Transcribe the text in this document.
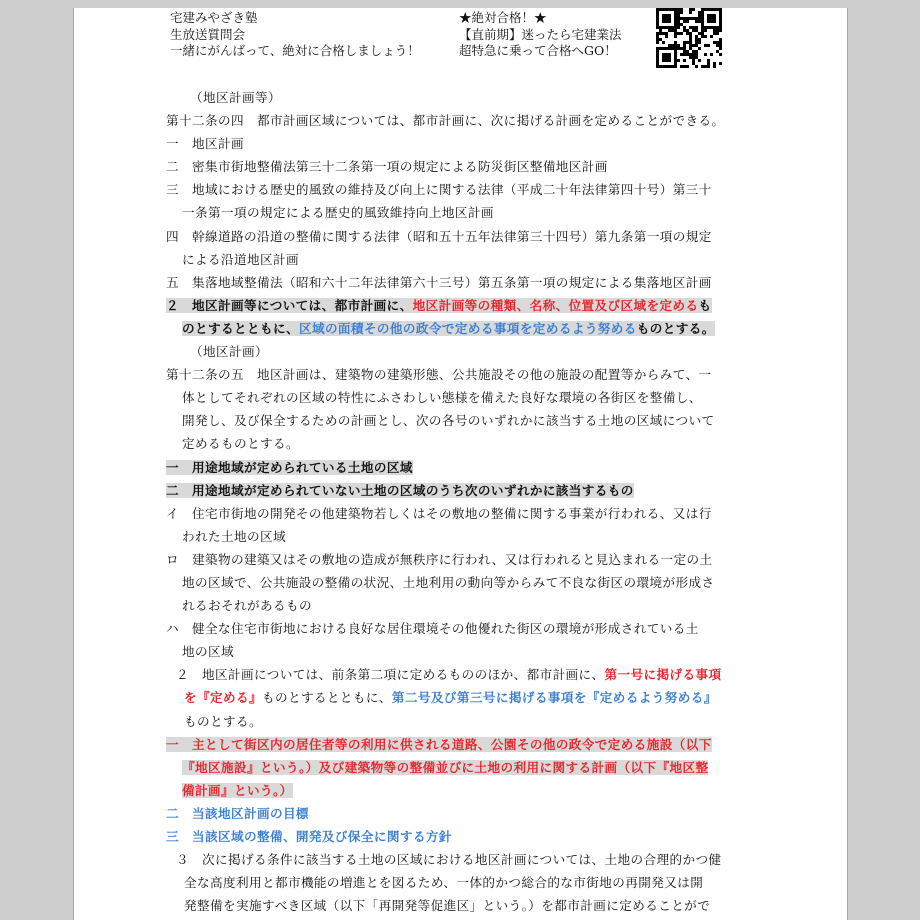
宅建みやざき塾
生放送質問会
一緒にがんばって、絶対に合格しましょう！
★絶対合格！★
【直前期】迷ったら宅建業法
超特急に乗って合格へGO！
（地区計画等）
第十二条の四　都市計画区域については、都市計画に、次に掲げる計画を定めることができる。
一　地区計画
二　密集市街地整備法第三十二条第一項の規定による防災街区整備地区計画
三　地域における歴史的風致の維持及び向上に関する法律（平成二十年法律第四十号）第三十
一条第一項の規定による歴史的風致維持向上地区計画
四　幹線道路の沿道の整備に関する法律（昭和五十五年法律第三十四号）第九条第一項の規定
による沿道地区計画
五　集落地域整備法（昭和六十二年法律第六十三号）第五条第一項の規定による集落地区計画
２　地区計画等については、都市計画に、地区計画等の種類、名称、位置及び区域を定めるも
のとするとともに、区域の面積その他の政令で定める事項を定めるよう努めるものとする。
（地区計画）
第十二条の五　地区計画は、建築物の建築形態、公共施設その他の施設の配置等からみて、一
体としてそれぞれの区域の特性にふさわしい態様を備えた良好な環境の各街区を整備し、
開発し、及び保全するための計画とし、次の各号のいずれかに該当する土地の区域について
定めるものとする。
一　用途地域が定められている土地の区域
二　用途地域が定められていない土地の区域のうち次のいずれかに該当するもの
イ　住宅市街地の開発その他建築物若しくはその敷地の整備に関する事業が行われる、又は行
われた土地の区域
ロ　建築物の建築又はその敷地の造成が無秩序に行われ、又は行われると見込まれる一定の土
地の区域で、公共施設の整備の状況、土地利用の動向等からみて不良な街区の環境が形成さ
れるおそれがあるもの
ハ　健全な住宅市街地における良好な居住環境その他優れた街区の環境が形成されている土
地の区域
２　地区計画については、前条第二項に定めるもののほか、都市計画に、第一号に掲げる事項
を『定める』ものとするとともに、第二号及び第三号に掲げる事項を『定めるよう努める』
ものとする。
一　主として街区内の居住者等の利用に供される道路、公園その他の政令で定める施設（以下
『地区施設』という。）及び建築物等の整備並びに土地の利用に関する計画（以下『地区整
備計画』という。）
二　当該地区計画の目標
三　当該区域の整備、開発及び保全に関する方針
３　次に掲げる条件に該当する土地の区域における地区計画については、土地の合理的かつ健
全な高度利用と都市機能の増進とを図るため、一体的かつ総合的な市街地の再開発又は開
発整備を実施すべき区域（以下「再開発等促進区」という。）を都市計画に定めることがで
